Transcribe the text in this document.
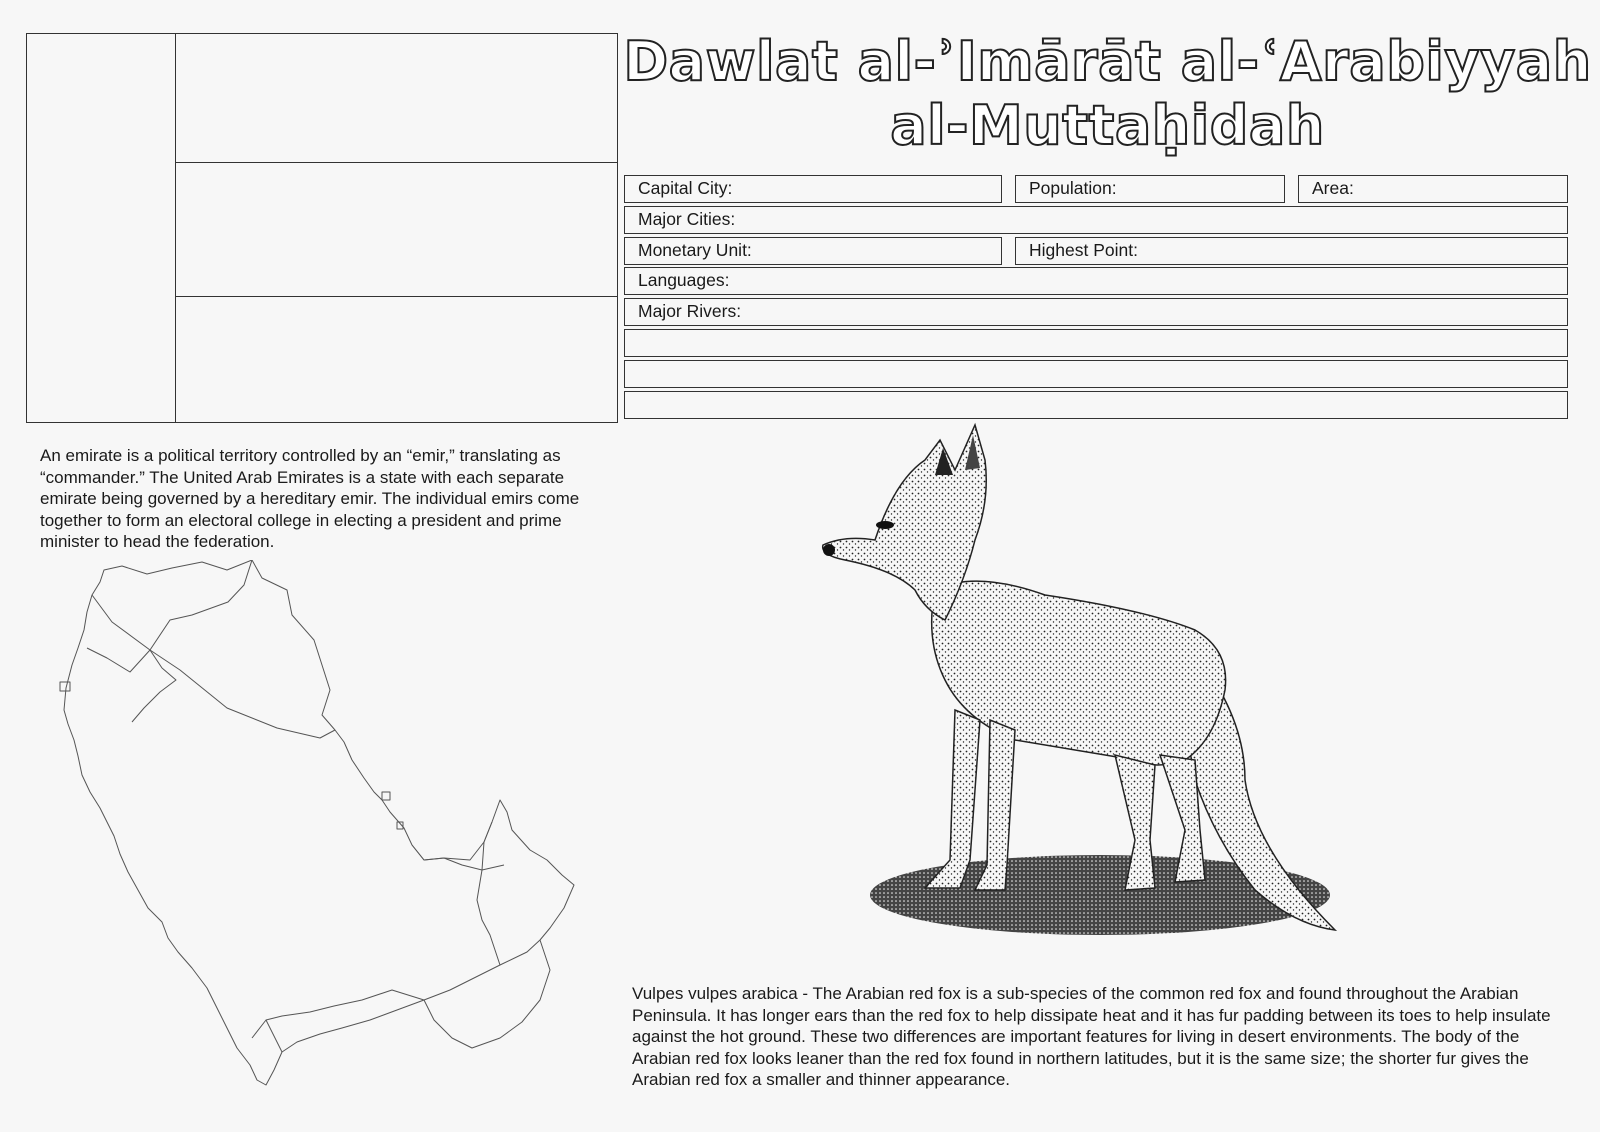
Dawlat al-ʾImārāt al-ʿArabiyyah
al-Muttaḥidah
Capital City:	Population:	Area:
Major Cities:
Monetary Unit:	Highest Point:
Languages:
Major Rivers:

An emirate is a political territory controlled by an “emir,” translating as “commander.” The United Arab Emirates is a state with each separate emirate being governed by a hereditary emir. The individual emirs come together to form an electoral college in electing a president and prime minister to head the federation.

Vulpes vulpes arabica - The Arabian red fox is a sub-species of the common red fox and found throughout the Arabian Peninsula. It has longer ears than the red fox to help dissipate heat and it has fur padding between its toes to help insulate against the hot ground. These two differences are important features for living in desert environments. The body of the Arabian red fox looks leaner than the red fox found in northern latitudes, but it is the same size; the shorter fur gives the Arabian red fox a smaller and thinner appearance.
